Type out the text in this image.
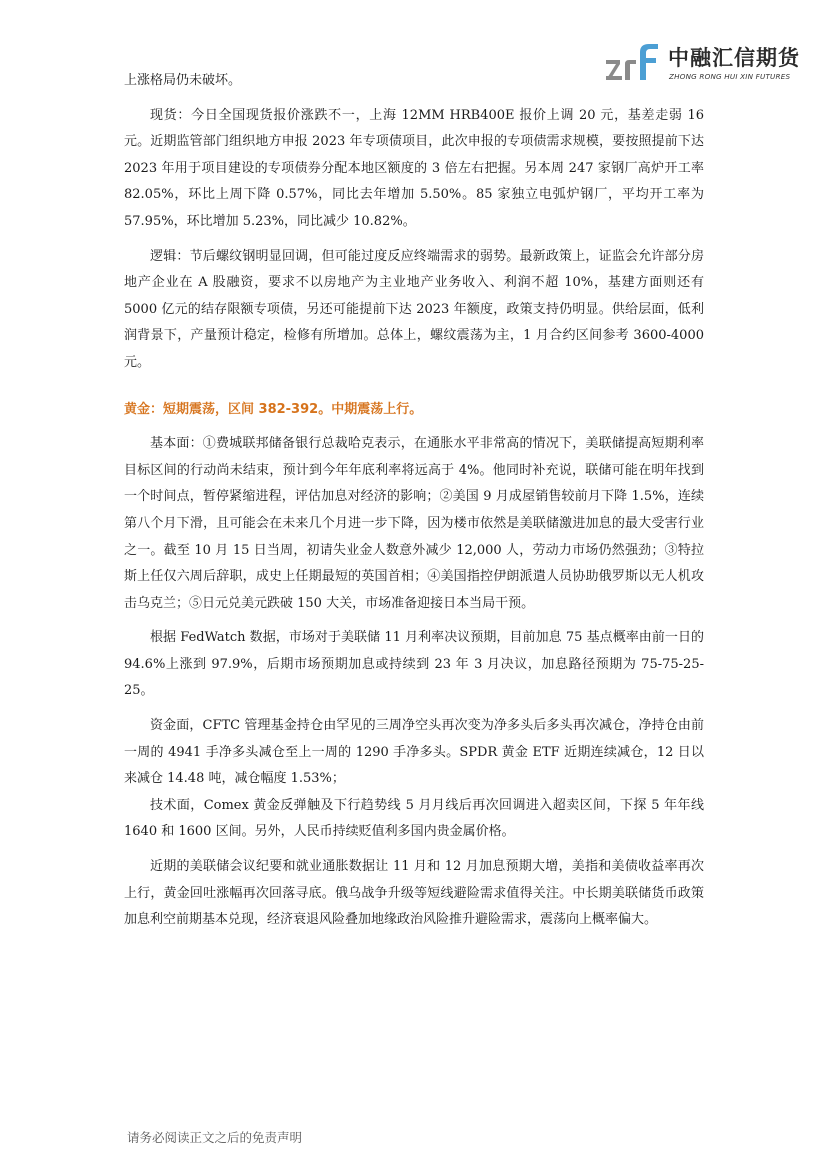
中融汇信期货
ZHONG RONG HUI XIN FUTURES

上涨格局仍未破坏。

现货：今日全国现货报价涨跌不一，上海 12MM HRB400E 报价上调 20 元，基差走弱 16 元。近期监管部门组织地方申报 2023 年专项债项目，此次申报的专项债需求规模，要按照提前下达 2023 年用于项目建设的专项债券分配本地区额度的 3 倍左右把握。另本周 247 家钢厂高炉开工率 82.05%，环比上周下降 0.57%，同比去年增加 5.50%。85 家独立电弧炉钢厂，平均开工率为 57.95%，环比增加 5.23%，同比减少 10.82%。

逻辑：节后螺纹钢明显回调，但可能过度反应终端需求的弱势。最新政策上，证监会允许部分房地产企业在 A 股融资，要求不以房地产为主业地产业务收入、利润不超 10%，基建方面则还有 5000 亿元的结存限额专项债，另还可能提前下达 2023 年额度，政策支持仍明显。供给层面，低利润背景下，产量预计稳定，检修有所增加。总体上，螺纹震荡为主，1 月合约区间参考 3600-4000 元。

黄金：短期震荡，区间 382-392。中期震荡上行。

基本面：①费城联邦储备银行总裁哈克表示，在通胀水平非常高的情况下，美联储提高短期利率目标区间的行动尚未结束，预计到今年年底利率将远高于 4%。他同时补充说，联储可能在明年找到一个时间点，暂停紧缩进程，评估加息对经济的影响；②美国 9 月成屋销售较前月下降 1.5%，连续第八个月下滑，且可能会在未来几个月进一步下降，因为楼市依然是美联储激进加息的最大受害行业之一。截至 10 月 15 日当周，初请失业金人数意外减少 12,000 人，劳动力市场仍然强劲；③特拉斯上任仅六周后辞职，成史上任期最短的英国首相；④美国指控伊朗派遣人员协助俄罗斯以无人机攻击乌克兰；⑤日元兑美元跌破 150 大关，市场准备迎接日本当局干预。

根据 FedWatch 数据，市场对于美联储 11 月利率决议预期，目前加息 75 基点概率由前一日的 94.6%上涨到 97.9%，后期市场预期加息或持续到 23 年 3 月决议，加息路径预期为 75-75-25-25。

资金面，CFTC 管理基金持仓由罕见的三周净空头再次变为净多头后多头再次减仓，净持仓由前一周的 4941 手净多头减仓至上一周的 1290 手净多头。SPDR 黄金 ETF 近期连续减仓，12 日以来减仓 14.48 吨，减仓幅度 1.53%；

技术面，Comex 黄金反弹触及下行趋势线 5 月月线后再次回调进入超卖区间，下探 5 年年线 1640 和 1600 区间。另外，人民币持续贬值利多国内贵金属价格。

近期的美联储会议纪要和就业通胀数据让 11 月和 12 月加息预期大增，美指和美债收益率再次上行，黄金回吐涨幅再次回落寻底。俄乌战争升级等短线避险需求值得关注。中长期美联储货币政策加息利空前期基本兑现，经济衰退风险叠加地缘政治风险推升避险需求，震荡向上概率偏大。

请务必阅读正文之后的免责声明
